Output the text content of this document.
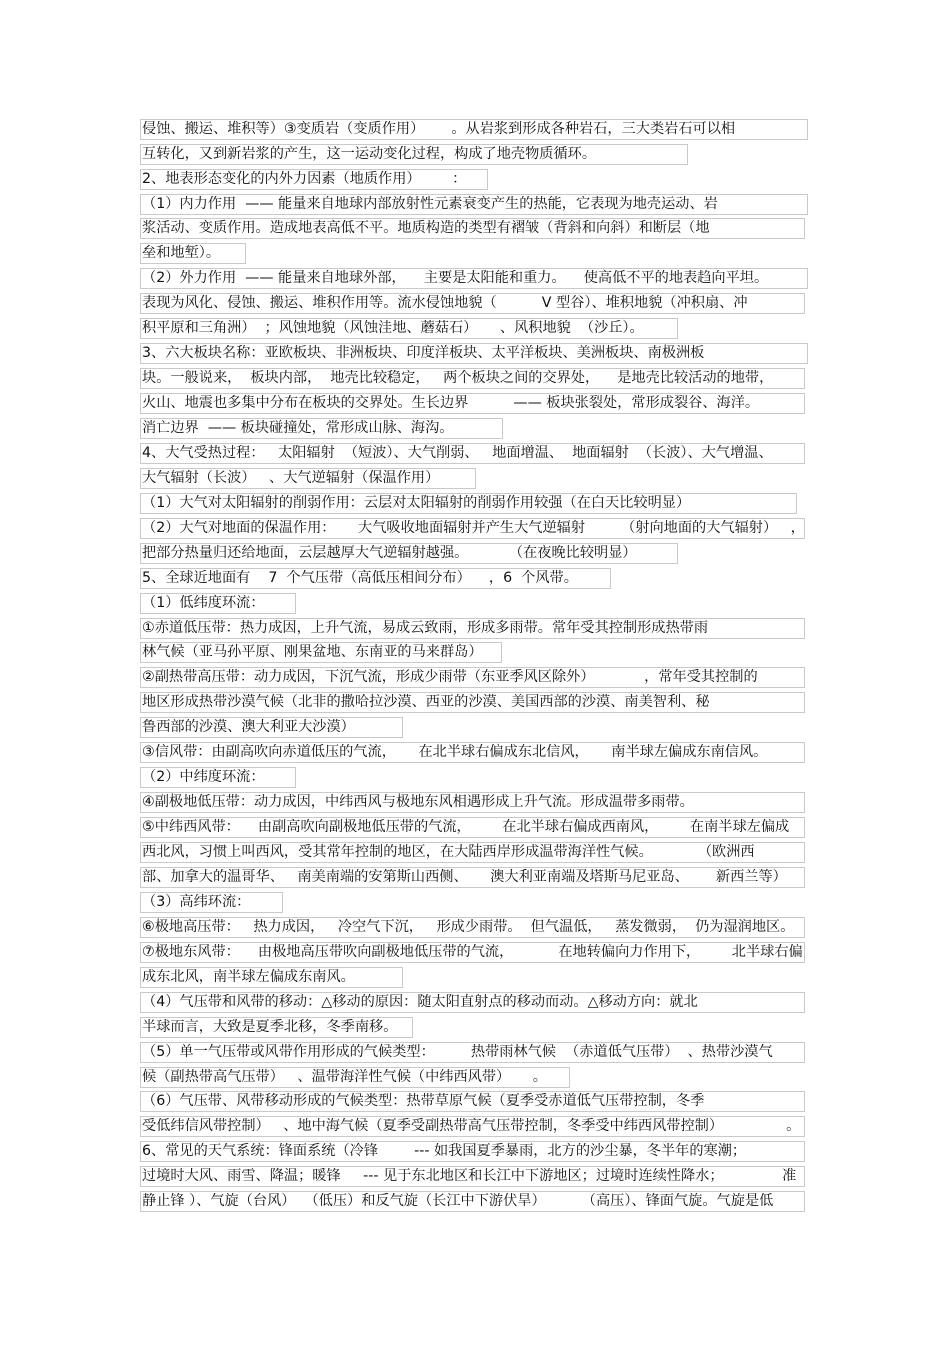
侵蚀、搬运、堆积等）③变质岩（变质作用）      。从岩浆到形成各种岩石，三大类岩石可以相
互转化，又到新岩浆的产生，这一运动变化过程，构成了地壳物质循环。
2、地表形态变化的内外力因素（地质作用）       ：
（1）内力作用  —— 能量来自地球内部放射性元素衰变产生的热能，它表现为地壳运动、岩
浆活动、变质作用。造成地表高低不平。地质构造的类型有褶皱（背斜和向斜）和断层（地
垒和地堑）。
（2）外力作用  —— 能量来自地球外部，    主要是太阳能和重力。    使高低不平的地表趋向平坦。
表现为风化、侵蚀、搬运、堆积作用等。流水侵蚀地貌（          V 型谷）、堆积地貌（冲积扇、冲
积平原和三角洲）  ；风蚀地貌（风蚀洼地、蘑菇石）     、风积地貌  （沙丘）。
3、六大板块名称：亚欧板块、非洲板块、印度洋板块、太平洋板块、美洲板块、南极洲板
块。一般说来，  板块内部，  地壳比较稳定，   两个板块之间的交界处，    是地壳比较活动的地带，
火山、地震也多集中分布在板块的交界处。生长边界          —— 板块张裂处，常形成裂谷、海洋。
消亡边界  —— 板块碰撞处，常形成山脉、海沟。
4、大气受热过程：   太阳辐射  （短波）、大气削弱、   地面增温、  地面辐射  （长波）、大气增温、
大气辐射（长波）   、大气逆辐射（保温作用）
（1）大气对太阳辐射的削弱作用：云层对太阳辐射的削弱作用较强（在白天比较明显）
（2）大气对地面的保温作用：     大气吸收地面辐射并产生大气逆辐射        （射向地面的大气辐射）   ，
把部分热量归还给地面，云层越厚大气逆辐射越强。         （在夜晚比较明显）
5、全球近地面有    7  个气压带（高低压相间分布）    ，6  个风带。
（1）低纬度环流：
①赤道低压带：热力成因，上升气流，易成云致雨，形成多雨带。常年受其控制形成热带雨
林气候（亚马孙平原、刚果盆地、东南亚的马来群岛）
②副热带高压带：动力成因，下沉气流，形成少雨带（东亚季风区除外）           ，常年受其控制的
地区形成热带沙漠气候（北非的撒哈拉沙漠、西亚的沙漠、美国西部的沙漠、南美智利、秘
鲁西部的沙漠、澳大利亚大沙漠）
③信风带：由副高吹向赤道低压的气流，     在北半球右偏成东北信风，     南半球左偏成东南信风。
（2）中纬度环流：
④副极地低压带：动力成因，中纬西风与极地东风相遇形成上升气流。形成温带多雨带。
⑤中纬西风带：    由副高吹向副极地低压带的气流，       在北半球右偏成西南风，       在南半球左偏成
西北风，习惯上叫西风，受其常年控制的地区，在大陆西岸形成温带海洋性气候。          （欧洲西
部、加拿大的温哥华、   南美南端的安第斯山西侧、     澳大利亚南端及塔斯马尼亚岛、      新西兰等）
（3）高纬环流：
⑥极地高压带：   热力成因，   冷空气下沉，   形成少雨带。  但气温低，   蒸发微弱，  仍为湿润地区。
⑦极地东风带：    由极地高压带吹向副极地低压带的气流，          在地转偏向力作用下，       北半球右偏
成东北风，南半球左偏成东南风。
（4）气压带和风带的移动：△移动的原因：随太阳直射点的移动而动。△移动方向：就北
半球而言，大致是夏季北移，冬季南移。
（5）单一气压带或风带作用形成的气候类型：        热带雨林气候  （赤道低气压带）  、热带沙漠气
候（副热带高气压带）   、温带海洋性气候（中纬西风带）     。
（6）气压带、风带移动形成的气候类型：热带草原气候（夏季受赤道低气压带控制，冬季
受低纬信风带控制）   、地中海气候（夏季受副热带高气压带控制，冬季受中纬西风带控制）              。
6、常见的天气系统：锋面系统（冷锋        --- 如我国夏季暴雨，北方的沙尘暴，冬半年的寒潮；
过境时大风、雨雪、降温；暖锋     --- 见于东北地区和长江中下游地区；过境时连续性降水；             准
静止锋 ）、气旋（台风）  （低压）和反气旋（长江中下游伏旱）        （高压）、锋面气旋。气旋是低
